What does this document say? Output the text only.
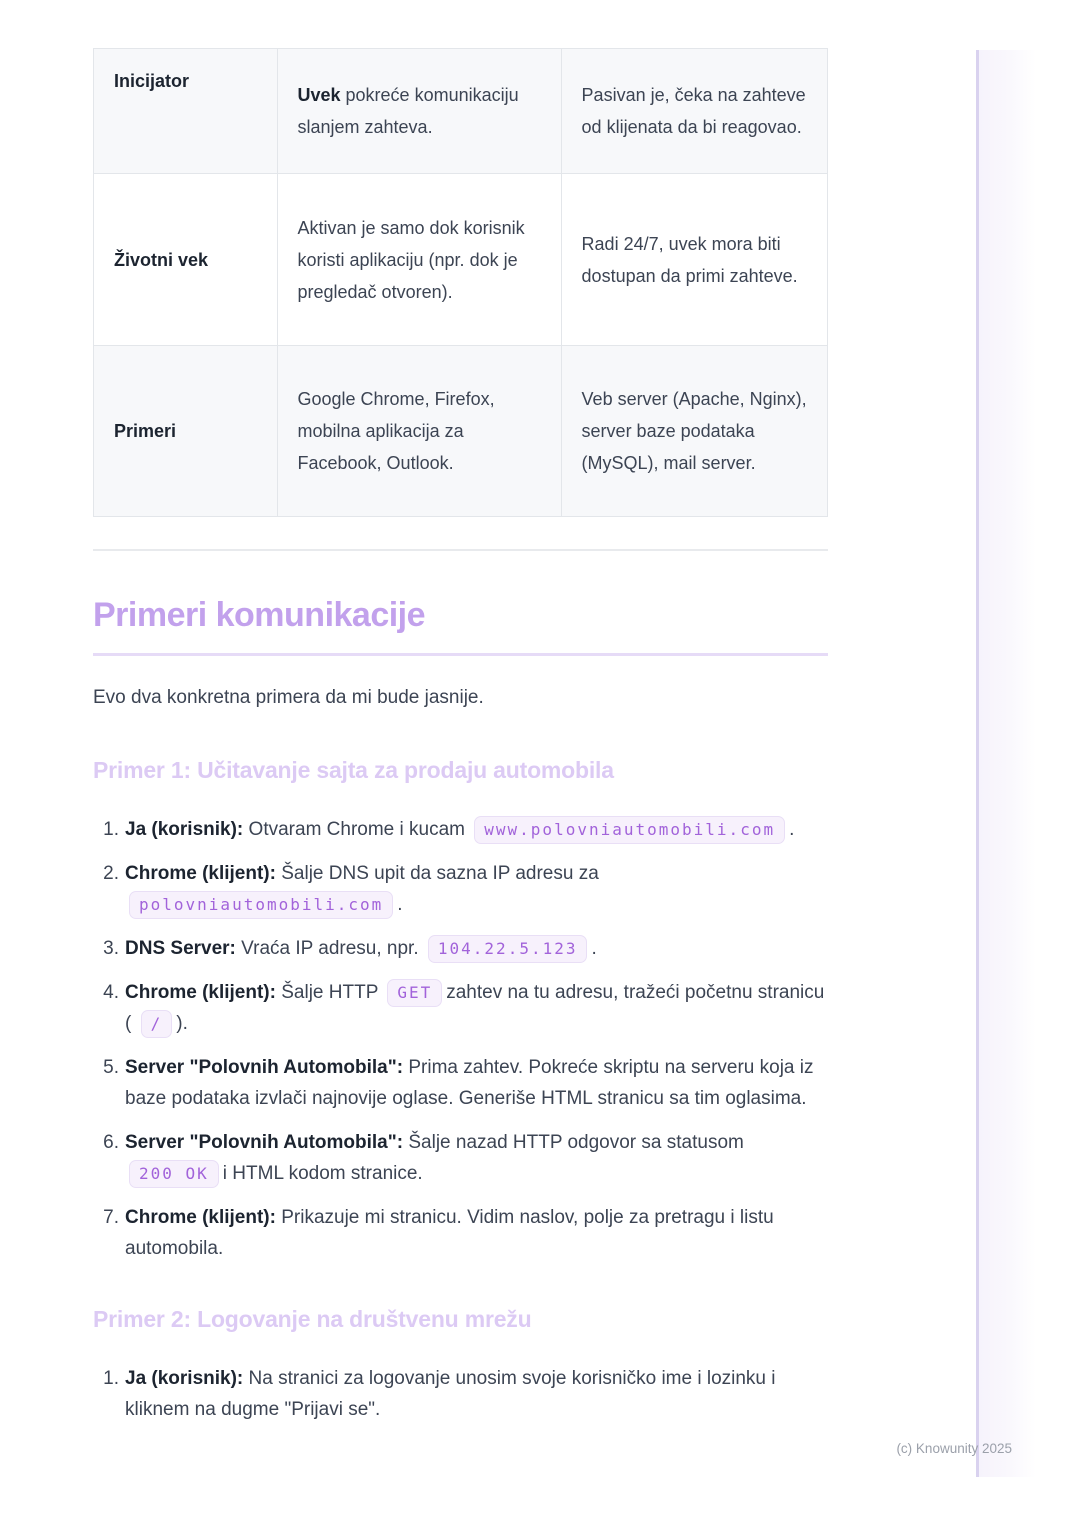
Inicijator	Uvek pokreće komunikaciju slanjem zahteva.	Pasivan je, čeka na zahteve od klijenata da bi reagovao.
Životni vek	Aktivan je samo dok korisnik koristi aplikaciju (npr. dok je pregledač otvoren).	Radi 24/7, uvek mora biti dostupan da primi zahteve.
Primeri	Google Chrome, Firefox, mobilna aplikacija za Facebook, Outlook.	Veb server (Apache, Nginx), server baze podataka (MySQL), mail server.
Primeri komunikacije

Evo dva konkretna primera da mi bude jasnije.

Primer 1: Učitavanje sajta za prodaju automobila
1. Ja (korisnik): Otvaram Chrome i kucam www.polovniautomobili.com .
2. Chrome (klijent): Šalje DNS upit da sazna IP adresu za polovniautomobili.com .
3. DNS Server: Vraća IP adresu, npr. 104.22.5.123 .
4. Chrome (klijent): Šalje HTTP GET zahtev na tu adresu, tražeći početnu stranicu ( / ).
5. Server "Polovnih Automobila": Prima zahtev. Pokreće skriptu na serveru koja iz baze podataka izvlači najnovije oglase. Generiše HTML stranicu sa tim oglasima.
6. Server "Polovnih Automobila": Šalje nazad HTTP odgovor sa statusom 200 OK i HTML kodom stranice.
7. Chrome (klijent): Prikazuje mi stranicu. Vidim naslov, polje za pretragu i listu automobila.
Primer 2: Logovanje na društvenu mrežu
1. Ja (korisnik): Na stranici za logovanje unosim svoje korisničko ime i lozinku i kliknem na dugme "Prijavi se".
(c) Knowunity 2025
